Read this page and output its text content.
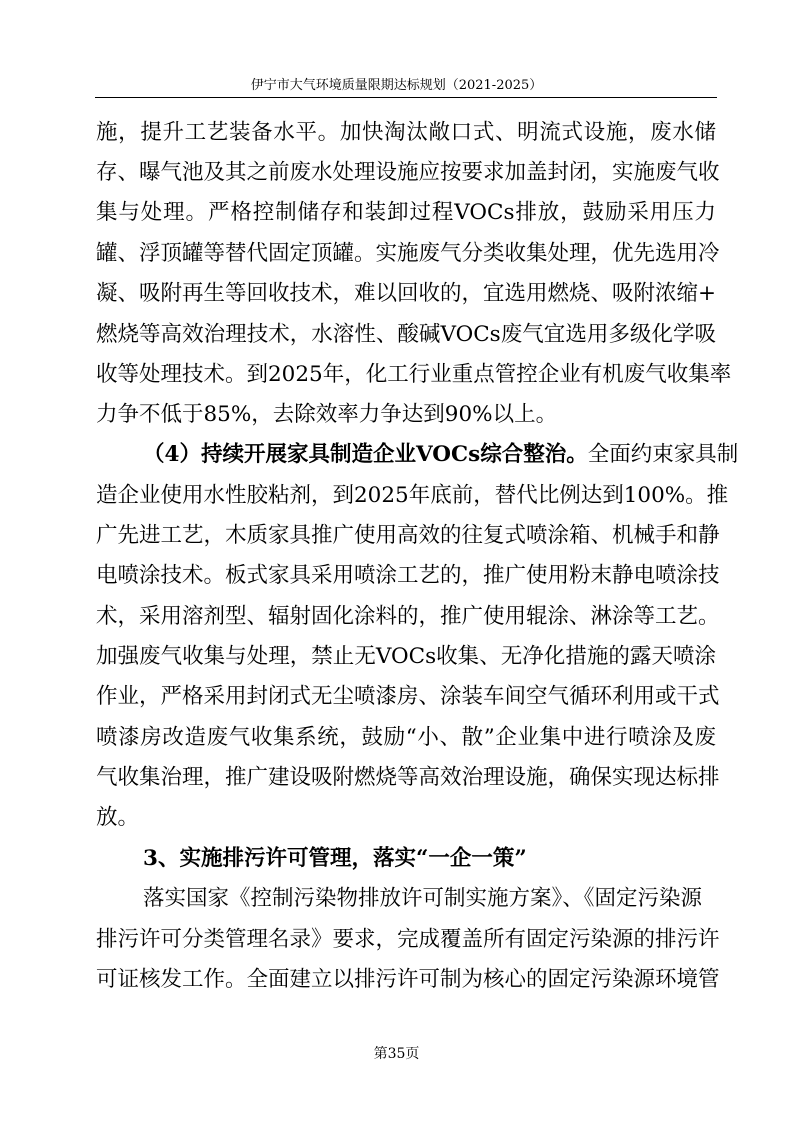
伊宁市大气环境质量限期达标规划（2021-2025）
施，提升工艺装备水平。加快淘汰敞口式、明流式设施，废水储
存、曝气池及其之前废水处理设施应按要求加盖封闭，实施废气收
集与处理。严格控制储存和装卸过程VOCs排放，鼓励采用压力
罐、浮顶罐等替代固定顶罐。实施废气分类收集处理，优先选用冷
凝、吸附再生等回收技术，难以回收的，宜选用燃烧、吸附浓缩+
燃烧等高效治理技术，水溶性、酸碱VOCs废气宜选用多级化学吸
收等处理技术。到2025年，化工行业重点管控企业有机废气收集率
力争不低于85%，去除效率力争达到90%以上。
（4）持续开展家具制造企业VOCs综合整治。全面约束家具制
造企业使用水性胶粘剂，到2025年底前，替代比例达到100%。推
广先进工艺，木质家具推广使用高效的往复式喷涂箱、机械手和静
电喷涂技术。板式家具采用喷涂工艺的，推广使用粉末静电喷涂技
术，采用溶剂型、辐射固化涂料的，推广使用辊涂、淋涂等工艺。
加强废气收集与处理，禁止无VOCs收集、无净化措施的露天喷涂
作业，严格采用封闭式无尘喷漆房、涂装车间空气循环利用或干式
喷漆房改造废气收集系统，鼓励“小、散”企业集中进行喷涂及废
气收集治理，推广建设吸附燃烧等高效治理设施，确保实现达标排
放。
3、实施排污许可管理，落实“一企一策”
落实国家《控制污染物排放许可制实施方案》、《固定污染源
排污许可分类管理名录》要求，完成覆盖所有固定污染源的排污许
可证核发工作。全面建立以排污许可制为核心的固定污染源环境管
第35页
